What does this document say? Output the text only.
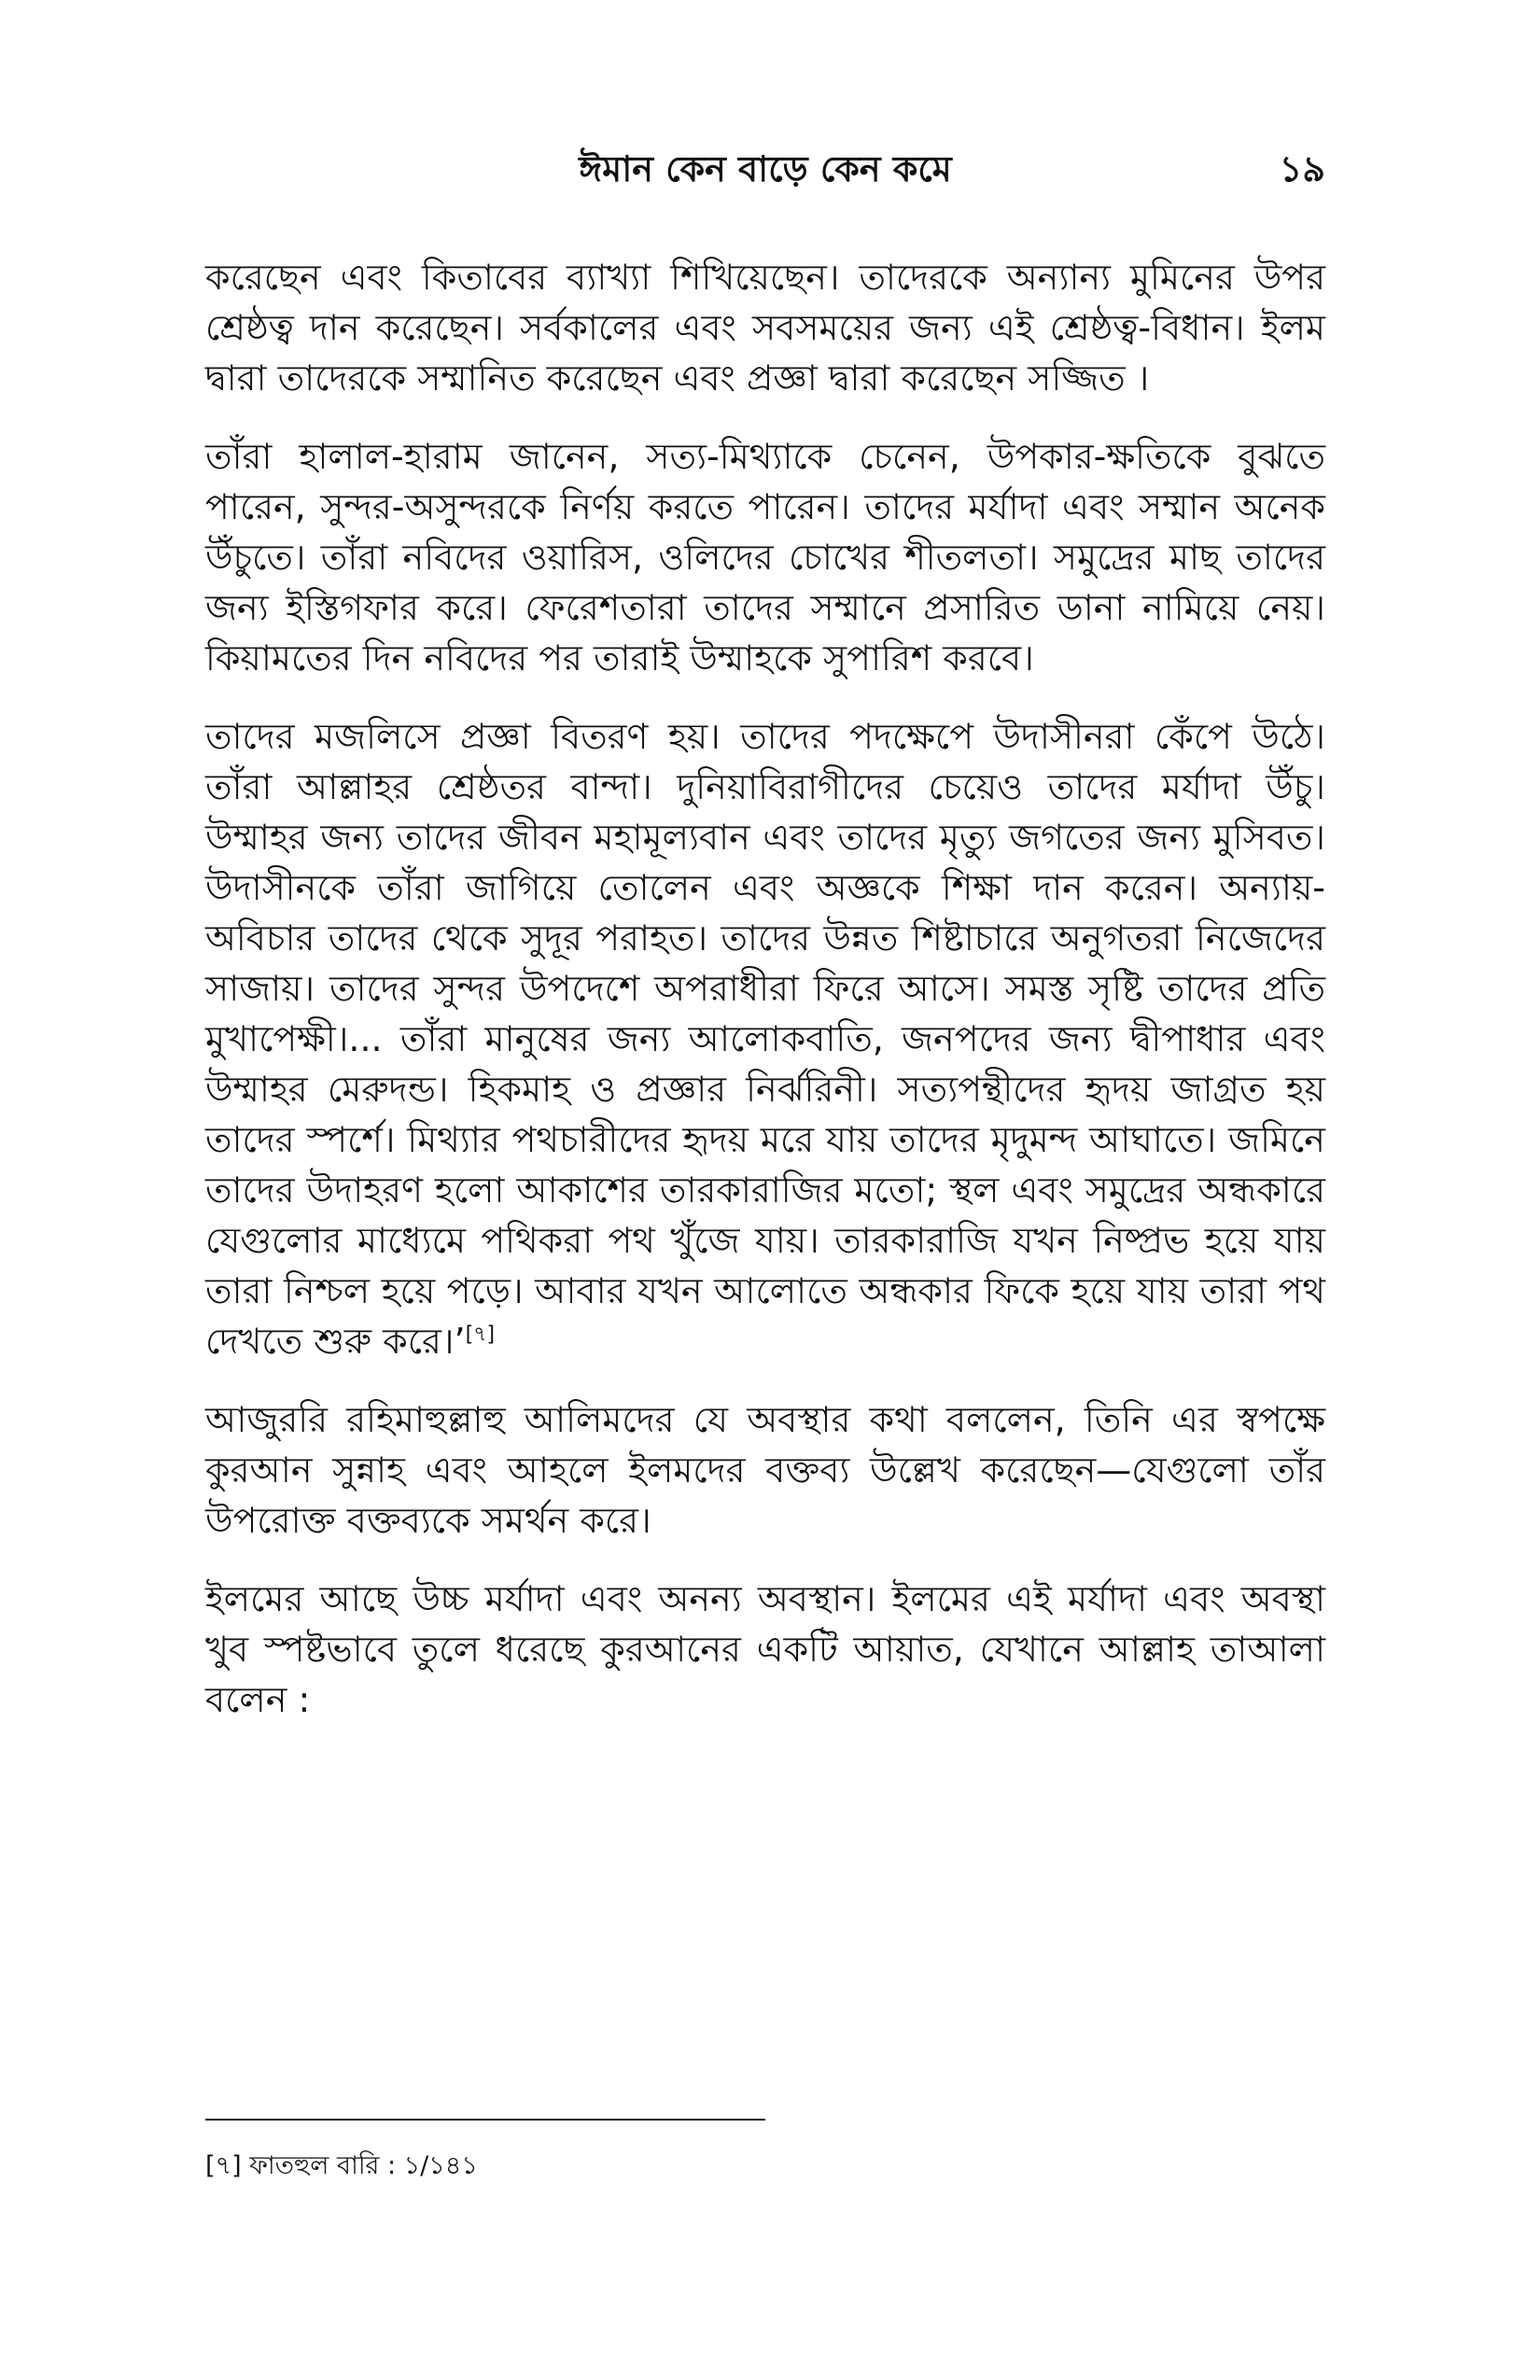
ঈমান কেন বাড়ে কেন কমে	১৯

করেছেন এবং কিতাবের ব্যাখ্যা শিখিয়েছেন। তাদেরকে অন্যান্য মুমিনের উপর শ্রেষ্ঠত্ব দান করেছেন। সর্বকালের এবং সবসময়ের জন্য এই শ্রেষ্ঠত্ব-বিধান। ইলম দ্বারা তাদেরকে সম্মানিত করেছেন এবং প্রজ্ঞা দ্বারা করেছেন সজ্জিত ।

তাঁরা হালাল-হারাম জানেন, সত্য-মিথ্যাকে চেনেন, উপকার-ক্ষতিকে বুঝতে পারেন, সুন্দর-অসুন্দরকে নির্ণয় করতে পারেন। তাদের মর্যাদা এবং সম্মান অনেক উঁচুতে। তাঁরা নবিদের ওয়ারিস, ওলিদের চোখের শীতলতা। সমুদ্রের মাছ তাদের জন্য ইস্তিগফার করে। ফেরেশতারা তাদের সম্মানে প্রসারিত ডানা নামিয়ে নেয়। কিয়ামতের দিন নবিদের পর তারাই উম্মাহকে সুপারিশ করবে।

তাদের মজলিসে প্রজ্ঞা বিতরণ হয়। তাদের পদক্ষেপে উদাসীনরা কেঁপে উঠে। তাঁরা আল্লাহর শ্রেষ্ঠতর বান্দা। দুনিয়াবিরাগীদের চেয়েও তাদের মর্যাদা উঁচু। উম্মাহর জন্য তাদের জীবন মহামূল্যবান এবং তাদের মৃত্যু জগতের জন্য মুসিবত। উদাসীনকে তাঁরা জাগিয়ে তোলেন এবং অজ্ঞকে শিক্ষা দান করেন। অন্যায়-অবিচার তাদের থেকে সুদূর পরাহত। তাদের উন্নত শিষ্টাচারে অনুগতরা নিজেদের সাজায়। তাদের সুন্দর উপদেশে অপরাধীরা ফিরে আসে। সমস্ত সৃষ্টি তাদের প্রতি মুখাপেক্ষী।... তাঁরা মানুষের জন্য আলোকবাতি, জনপদের জন্য দ্বীপাধার এবং উম্মাহর মেরুদন্ড। হিকমাহ ও প্রজ্ঞার নির্ঝরিনী। সত্যপন্থীদের হৃদয় জাগ্রত হয় তাদের স্পর্শে। মিথ্যার পথচারীদের হৃদয় মরে যায় তাদের মৃদুমন্দ আঘাতে। জমিনে তাদের উদাহরণ হলো আকাশের তারকারাজির মতো; স্থল এবং সমুদ্রের অন্ধকারে যেগুলোর মাধ্যেমে পথিকরা পথ খুঁজে যায়। তারকারাজি যখন নিষ্প্রভ হয়ে যায় তারা নিশ্চল হয়ে পড়ে। আবার যখন আলোতে অন্ধকার ফিকে হয়ে যায় তারা পথ দেখতে শুরু করে।’[৭]

আজুররি রহিমাহুল্লাহু আলিমদের যে অবস্থার কথা বললেন, তিনি এর স্বপক্ষে কুরআন সুন্নাহ এবং আহলে ইলমদের বক্তব্য উল্লেখ করেছেন—যেগুলো তাঁর উপরোক্ত বক্তব্যকে সমর্থন করে।

ইলমের আছে উচ্চ মর্যাদা এবং অনন্য অবস্থান। ইলমের এই মর্যাদা এবং অবস্থা খুব স্পষ্টভাবে তুলে ধরেছে কুরআনের একটি আয়াত, যেখানে আল্লাহ তাআলা বলেন :

[৭] ফাতহুল বারি : ১/১৪১
